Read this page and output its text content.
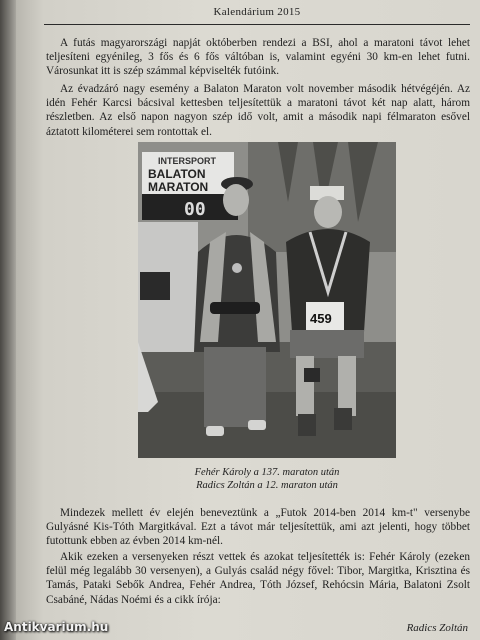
Kalendárium 2015

A futás magyarországi napját októberben rendezi a BSI, ahol a maratoni távot lehet teljesíteni egyénileg, 3 fős és 6 fős váltóban is, valamint egyéni 30 km-en lehet futni. Városunkat itt is szép számmal képviselték futóink.

Az évadzáró nagy esemény a Balaton Maraton volt november második hétvégéjén. Az idén Fehér Karcsi bácsival kettesben teljesítettük a maratoni távot két nap alatt, három részletben. Az első napon nagyon szép idő volt, amit a második napi félmaraton esővel áztatott kilométerei sem rontottak el.

INTERSPORT
BALATON
MARATON
00
459
Fehér Károly a 137. maraton után
Radics Zoltán a 12. maraton után

Mindezek mellett év elején beneveztünk a „Futok 2014-ben 2014 km-t" versenybe Gulyásné Kis-Tóth Margitkával. Ezt a távot már teljesítettük, ami azt jelenti, hogy többet futottunk ebben az évben 2014 km-nél.

Akik ezeken a versenyeken részt vettek és azokat teljesítették is: Fehér Károly (ezeken felül még legalább 30 versenyen), a Gulyás család négy fővel: Tibor, Margitka, Krisztina és Tamás, Pataki Sebők Andrea, Fehér Andrea, Tóth József, Rehócsin Mária, Balatoni Zsolt Csabáné, Nádas Noémi és a cikk írója:

Radics Zoltán
Antikvarium.hu
